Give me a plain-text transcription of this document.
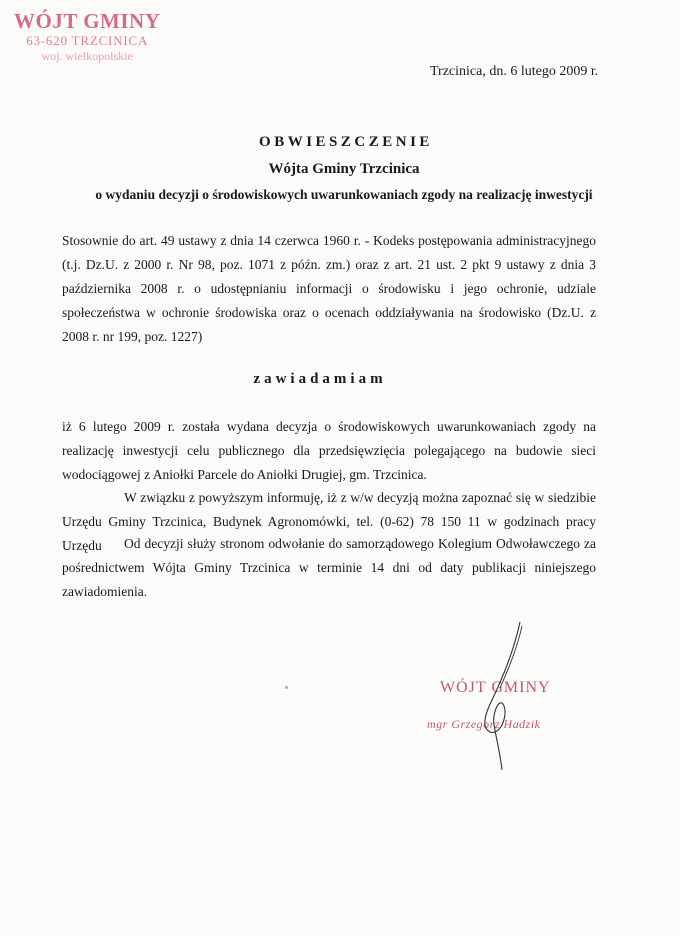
WÓJT GMINY
63-620 TRZCINICA
woj. wielkopolskie
Trzcinica, dn. 6 lutego 2009 r.
OBWIESZCZENIE
Wójta Gminy Trzcinica
o wydaniu decyzji o środowiskowych uwarunkowaniach zgody na realizację inwestycji
Stosownie do art. 49 ustawy z dnia 14 czerwca 1960 r. - Kodeks postępowania administracyjnego (t.j. Dz.U. z 2000 r. Nr 98, poz. 1071 z późn. zm.) oraz z art. 21 ust. 2 pkt 9 ustawy z dnia 3 października 2008 r. o udostępnianiu informacji o środowisku i jego ochronie, udziale społeczeństwa w ochronie środowiska oraz o ocenach oddziaływania na środowisko (Dz.U. z 2008 r. nr 199, poz. 1227)
zawiadamiam
iż 6 lutego 2009 r. została wydana decyzja o środowiskowych uwarunkowaniach zgody na realizację inwestycji celu publicznego dla przedsięwzięcia polegającego na budowie sieci wodociągowej z Aniołki Parcele do Aniołki Drugiej, gm. Trzcinica.
W związku z powyższym informuję, iż z w/w decyzją można zapoznać się w siedzibie Urzędu Gminy Trzcinica, Budynek Agronomówki, tel. (0-62) 78 150 11 w godzinach pracy Urzędu	Od decyzji służy stronom odwołanie do samorządowego Kolegium Odwoławczego za pośrednictwem Wójta Gminy Trzcinica w terminie 14 dni od daty publikacji niniejszego zawiadomienia.
WÓJT GMINY
mgr Grzegorz Hadzik
